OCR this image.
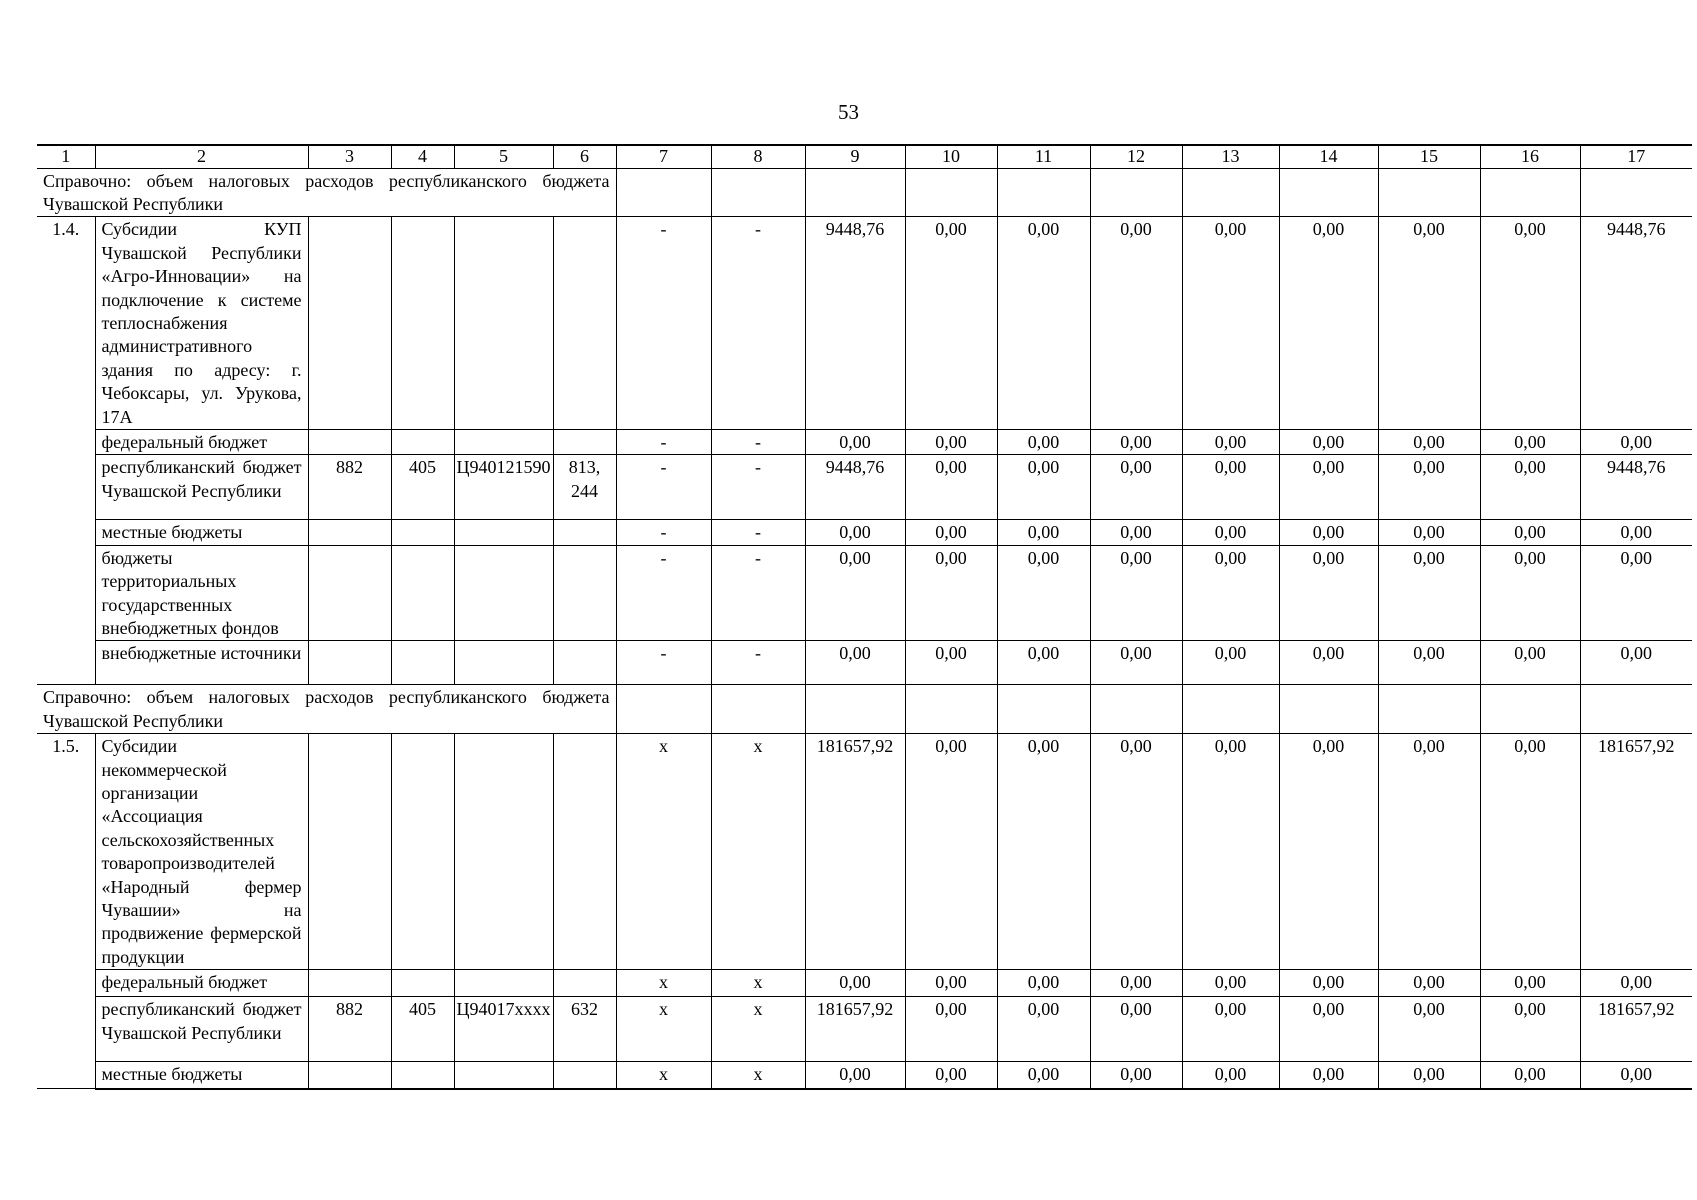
53
1	2	3	4	5	6	7	8	9	10	11	12	13	14	15	16	17
Справочно: объем налоговых расходов республиканского бюджета Чувашской Республики																
1.4.	Субсидии КУП Чувашской Республики «Агро-Инновации» на подключение к системе теплоснабжения административного здания по адресу: г. Чебоксары, ул. Урукова, 17А					-	-	9448,76	0,00	0,00	0,00	0,00	0,00	0,00	0,00	9448,76
	федеральный бюджет					-	-	0,00	0,00	0,00	0,00	0,00	0,00	0,00	0,00	0,00
	республиканский бюджет Чувашской Республики	882	405	Ц940121590	813, 244	-	-	9448,76	0,00	0,00	0,00	0,00	0,00	0,00	0,00	9448,76
	местные бюджеты					-	-	0,00	0,00	0,00	0,00	0,00	0,00	0,00	0,00	0,00
	бюджеты территориальных государственных внебюджетных фондов					-	-	0,00	0,00	0,00	0,00	0,00	0,00	0,00	0,00	0,00
	внебюджетные источники					-	-	0,00	0,00	0,00	0,00	0,00	0,00	0,00	0,00	0,00
Справочно: объем налоговых расходов республиканского бюджета Чувашской Республики																
1.5.	Субсидии некоммерческой организации «Ассоциация сельскохозяйственных товаропроизводителей «Народный фермер Чувашии» на продвижение фермерской продукции					х	х	181657,92	0,00	0,00	0,00	0,00	0,00	0,00	0,00	181657,92
	федеральный бюджет					х	х	0,00	0,00	0,00	0,00	0,00	0,00	0,00	0,00	0,00
	республиканский бюджет Чувашской Республики	882	405	Ц94017xxxx	632	х	х	181657,92	0,00	0,00	0,00	0,00	0,00	0,00	0,00	181657,92
	местные бюджеты					х	х	0,00	0,00	0,00	0,00	0,00	0,00	0,00	0,00	0,00
